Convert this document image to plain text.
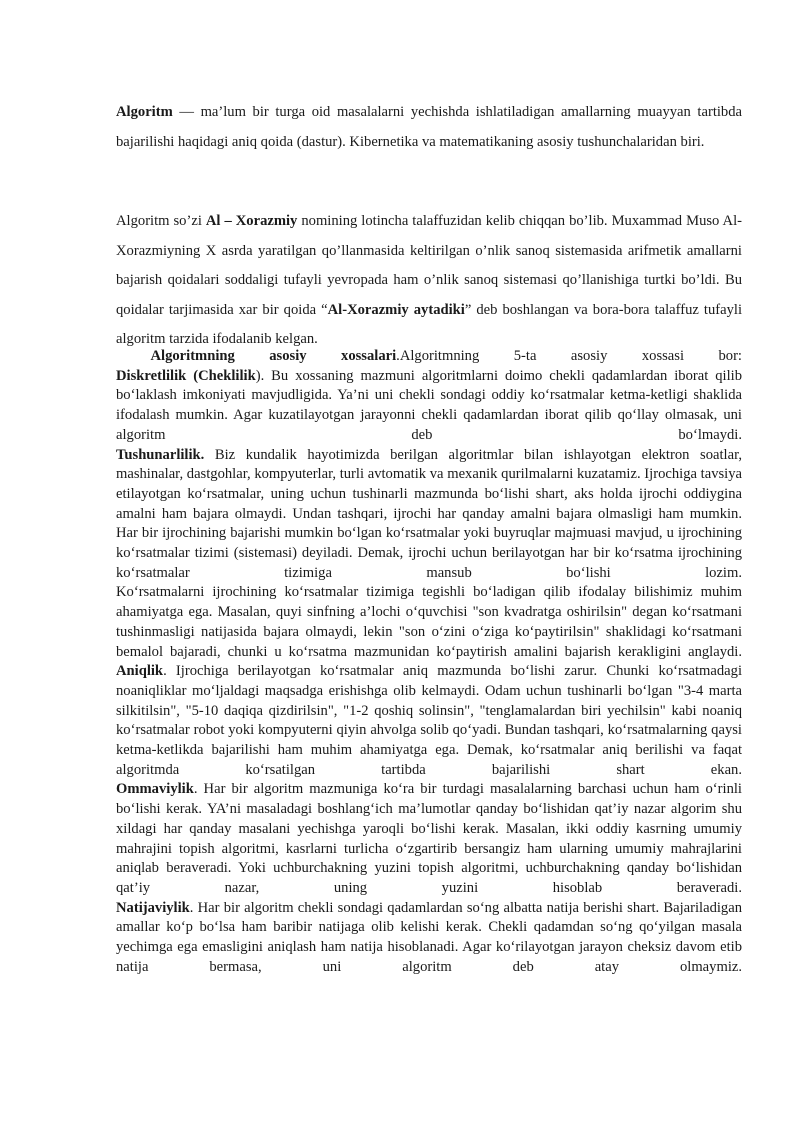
Algoritm — ma’lum bir turga oid masalalarni yechishda ishlatiladigan amallarning muayyan tartibda bajarilishi haqidagi aniq qoida (dastur). Kibernetika va matematikaning asosiy tushunchalaridan biri.

Algoritm so’zi Al – Xorazmiy nomining lotincha talaffuzidan kelib chiqqan bo’lib. Muxammad Muso Al-Xorazmiyning X asrda yaratilgan qo’llanmasida keltirilgan o’nlik sanoq sistemasida arifmetik amallarni bajarish qoidalari soddaligi tufayli yevropada ham o’nlik sanoq sistemasi qo’llanishiga turtki bo’ldi. Bu qoidalar tarjimasida xar bir qoida “Al-Xorazmiy aytadiki” deb boshlangan va bora-bora talaffuz tufayli algoritm tarzida ifodalanib kelgan.

Algoritmning asosiy xossalari.Algoritmning 5-ta asosiy xossasi bor:

Diskretlilik (Cheklilik). Bu xossaning mazmuni algoritmlarni doimo chekli qadamlardan iborat qilib bo‘laklash imkoniyati mavjudligida. Ya’ni uni chekli sondagi oddiy ko‘rsatmalar ketma-ketligi shaklida ifodalash mumkin. Agar kuzatilayotgan jarayonni chekli qadamlardan iborat qilib qo‘llay olmasak, uni algoritm deb bo‘lmaydi.

Tushunarlilik. Biz kundalik hayotimizda berilgan algoritmlar bilan ishlayotgan elektron soatlar, mashinalar, dastgohlar, kompyuterlar, turli avtomatik va mexanik qurilmalarni kuzatamiz. Ijrochiga tavsiya etilayotgan ko‘rsatmalar, uning uchun tushinarli mazmunda bo‘lishi shart, aks holda ijrochi oddiygina amalni ham bajara olmaydi. Undan tashqari, ijrochi har qanday amalni bajara olmasligi ham mumkin.

Har bir ijrochining bajarishi mumkin bo‘lgan ko‘rsatmalar yoki buyruqlar majmuasi mavjud, u ijrochining ko‘rsatmalar tizimi (sistemasi) deyiladi. Demak, ijrochi uchun berilayotgan har bir ko‘rsatma ijrochining ko‘rsatmalar tizimiga mansub bo‘lishi lozim.

Ko‘rsatmalarni ijrochining ko‘rsatmalar tizimiga tegishli bo‘ladigan qilib ifodalay bilishimiz muhim ahamiyatga ega. Masalan, quyi sinfning a’lochi o‘quvchisi "son kvadratga oshirilsin" degan ko‘rsatmani tushinmasligi natijasida bajara olmaydi, lekin "son o‘zini o‘ziga ko‘paytirilsin" shaklidagi ko‘rsatmani bemalol bajaradi, chunki u ko‘rsatma mazmunidan ko‘paytirish amalini bajarish kerakligini anglaydi.

Aniqlik. Ijrochiga berilayotgan ko‘rsatmalar aniq mazmunda bo‘lishi zarur. Chunki ko‘rsatmadagi noaniqliklar mo‘ljaldagi maqsadga erishishga olib kelmaydi. Odam uchun tushinarli bo‘lgan "3-4 marta silkitilsin", "5-10 daqiqa qizdirilsin", "1-2 qoshiq solinsin", "tenglamalardan biri yechilsin" kabi noaniq ko‘rsatmalar robot yoki kompyuterni qiyin ahvolga solib qo‘yadi. Bundan tashqari, ko‘rsatmalarning qaysi ketma-ketlikda bajarilishi ham muhim ahamiyatga ega. Demak, ko‘rsatmalar aniq berilishi va faqat algoritmda ko‘rsatilgan tartibda bajarilishi shart ekan.

Ommaviylik. Har bir algoritm mazmuniga ko‘ra bir turdagi masalalarning barchasi uchun ham o‘rinli bo‘lishi kerak. YA’ni masaladagi boshlang‘ich ma’lumotlar qanday bo‘lishidan qat’iy nazar algorim shu xildagi har qanday masalani yechishga yaroqli bo‘lishi kerak. Masalan, ikki oddiy kasrning umumiy mahrajini topish algoritmi, kasrlarni turlicha o‘zgartirib bersangiz ham ularning umumiy mahrajlarini aniqlab beraveradi. Yoki uchburchakning yuzini topish algoritmi, uchburchakning qanday bo‘lishidan qat’iy nazar, uning yuzini hisoblab beraveradi.

Natijaviylik. Har bir algoritm chekli sondagi qadamlardan so‘ng albatta natija berishi shart. Bajariladigan amallar ko‘p bo‘lsa ham baribir natijaga olib kelishi kerak. Chekli qadamdan so‘ng qo‘yilgan masala yechimga ega emasligini aniqlash ham natija hisoblanadi. Agar ko‘rilayotgan jarayon cheksiz davom etib natija bermasa, uni algoritm deb atay olmaymiz.
